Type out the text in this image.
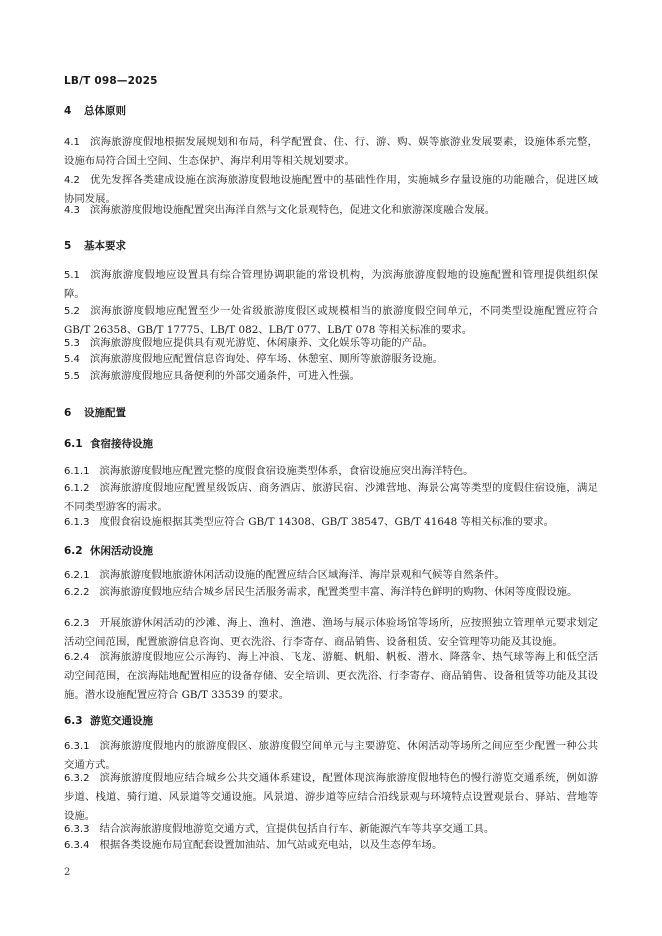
LB/T 098—2025
4 总体原则
4.1 滨海旅游度假地根据发展规划和布局，科学配置食、住、行、游、购、娱等旅游业发展要素，设施体系完整，设施布局符合国土空间、生态保护、海岸利用等相关规划要求。
4.2 优先发挥各类建成设施在滨海旅游度假地设施配置中的基础性作用，实施城乡存量设施的功能融合，促进区域协同发展。
4.3 滨海旅游度假地设施配置突出海洋自然与文化景观特色，促进文化和旅游深度融合发展。
5 基本要求
5.1 滨海旅游度假地应设置具有综合管理协调职能的常设机构，为滨海旅游度假地的设施配置和管理提供组织保障。
5.2 滨海旅游度假地应配置至少一处省级旅游度假区或规模相当的旅游度假空间单元，不同类型设施配置应符合 GB/T 26358、GB/T 17775、LB/T 082、LB/T 077、LB/T 078 等相关标准的要求。
5.3 滨海旅游度假地应提供具有观光游览、休闲康养、文化娱乐等功能的产品。
5.4 滨海旅游度假地应配置信息咨询处、停车场、休憩室、厕所等旅游服务设施。
5.5 滨海旅游度假地应具备便利的外部交通条件，可进入性强。
6 设施配置
6.1 食宿接待设施
6.1.1 滨海旅游度假地应配置完整的度假食宿设施类型体系，食宿设施应突出海洋特色。
6.1.2 滨海旅游度假地应配置星级饭店、商务酒店、旅游民宿、沙滩营地、海景公寓等类型的度假住宿设施，满足不同类型游客的需求。
6.1.3 度假食宿设施根据其类型应符合 GB/T 14308、GB/T 38547、GB/T 41648 等相关标准的要求。
6.2 休闲活动设施
6.2.1 滨海旅游度假地旅游休闲活动设施的配置应结合区域海洋、海岸景观和气候等自然条件。
6.2.2 滨海旅游度假地应结合城乡居民生活服务需求，配置类型丰富、海洋特色鲜明的购物、休闲等度假设施。
6.2.3 开展旅游休闲活动的沙滩、海上、渔村、渔港、渔场与展示体验场馆等场所，应按照独立管理单元要求划定活动空间范围，配置旅游信息咨询、更衣洗浴、行李寄存、商品销售、设备租赁、安全管理等功能及其设施。
6.2.4 滨海旅游度假地应公示海钓、海上冲浪、飞龙、游艇、帆船、帆板、潜水、降落伞、热气球等海上和低空活动空间范围，在滨海陆地配置相应的设备存储、安全培训、更衣洗浴、行李寄存、商品销售、设备租赁等功能及其设施。潜水设施配置应符合 GB/T 33539 的要求。
6.3 游览交通设施
6.3.1 滨海旅游度假地内的旅游度假区、旅游度假空间单元与主要游览、休闲活动等场所之间应至少配置一种公共交通方式。
6.3.2 滨海旅游度假地应结合城乡公共交通体系建设，配置体现滨海旅游度假地特色的慢行游览交通系统，例如游步道、栈道、骑行道、风景道等交通设施。风景道、游步道等应结合沿线景观与环境特点设置观景台、驿站、营地等设施。
6.3.3 结合滨海旅游度假地游览交通方式，宜提供包括自行车、新能源汽车等共享交通工具。
6.3.4 根据各类设施布局宜配套设置加油站、加气站或充电站，以及生态停车场。
2
